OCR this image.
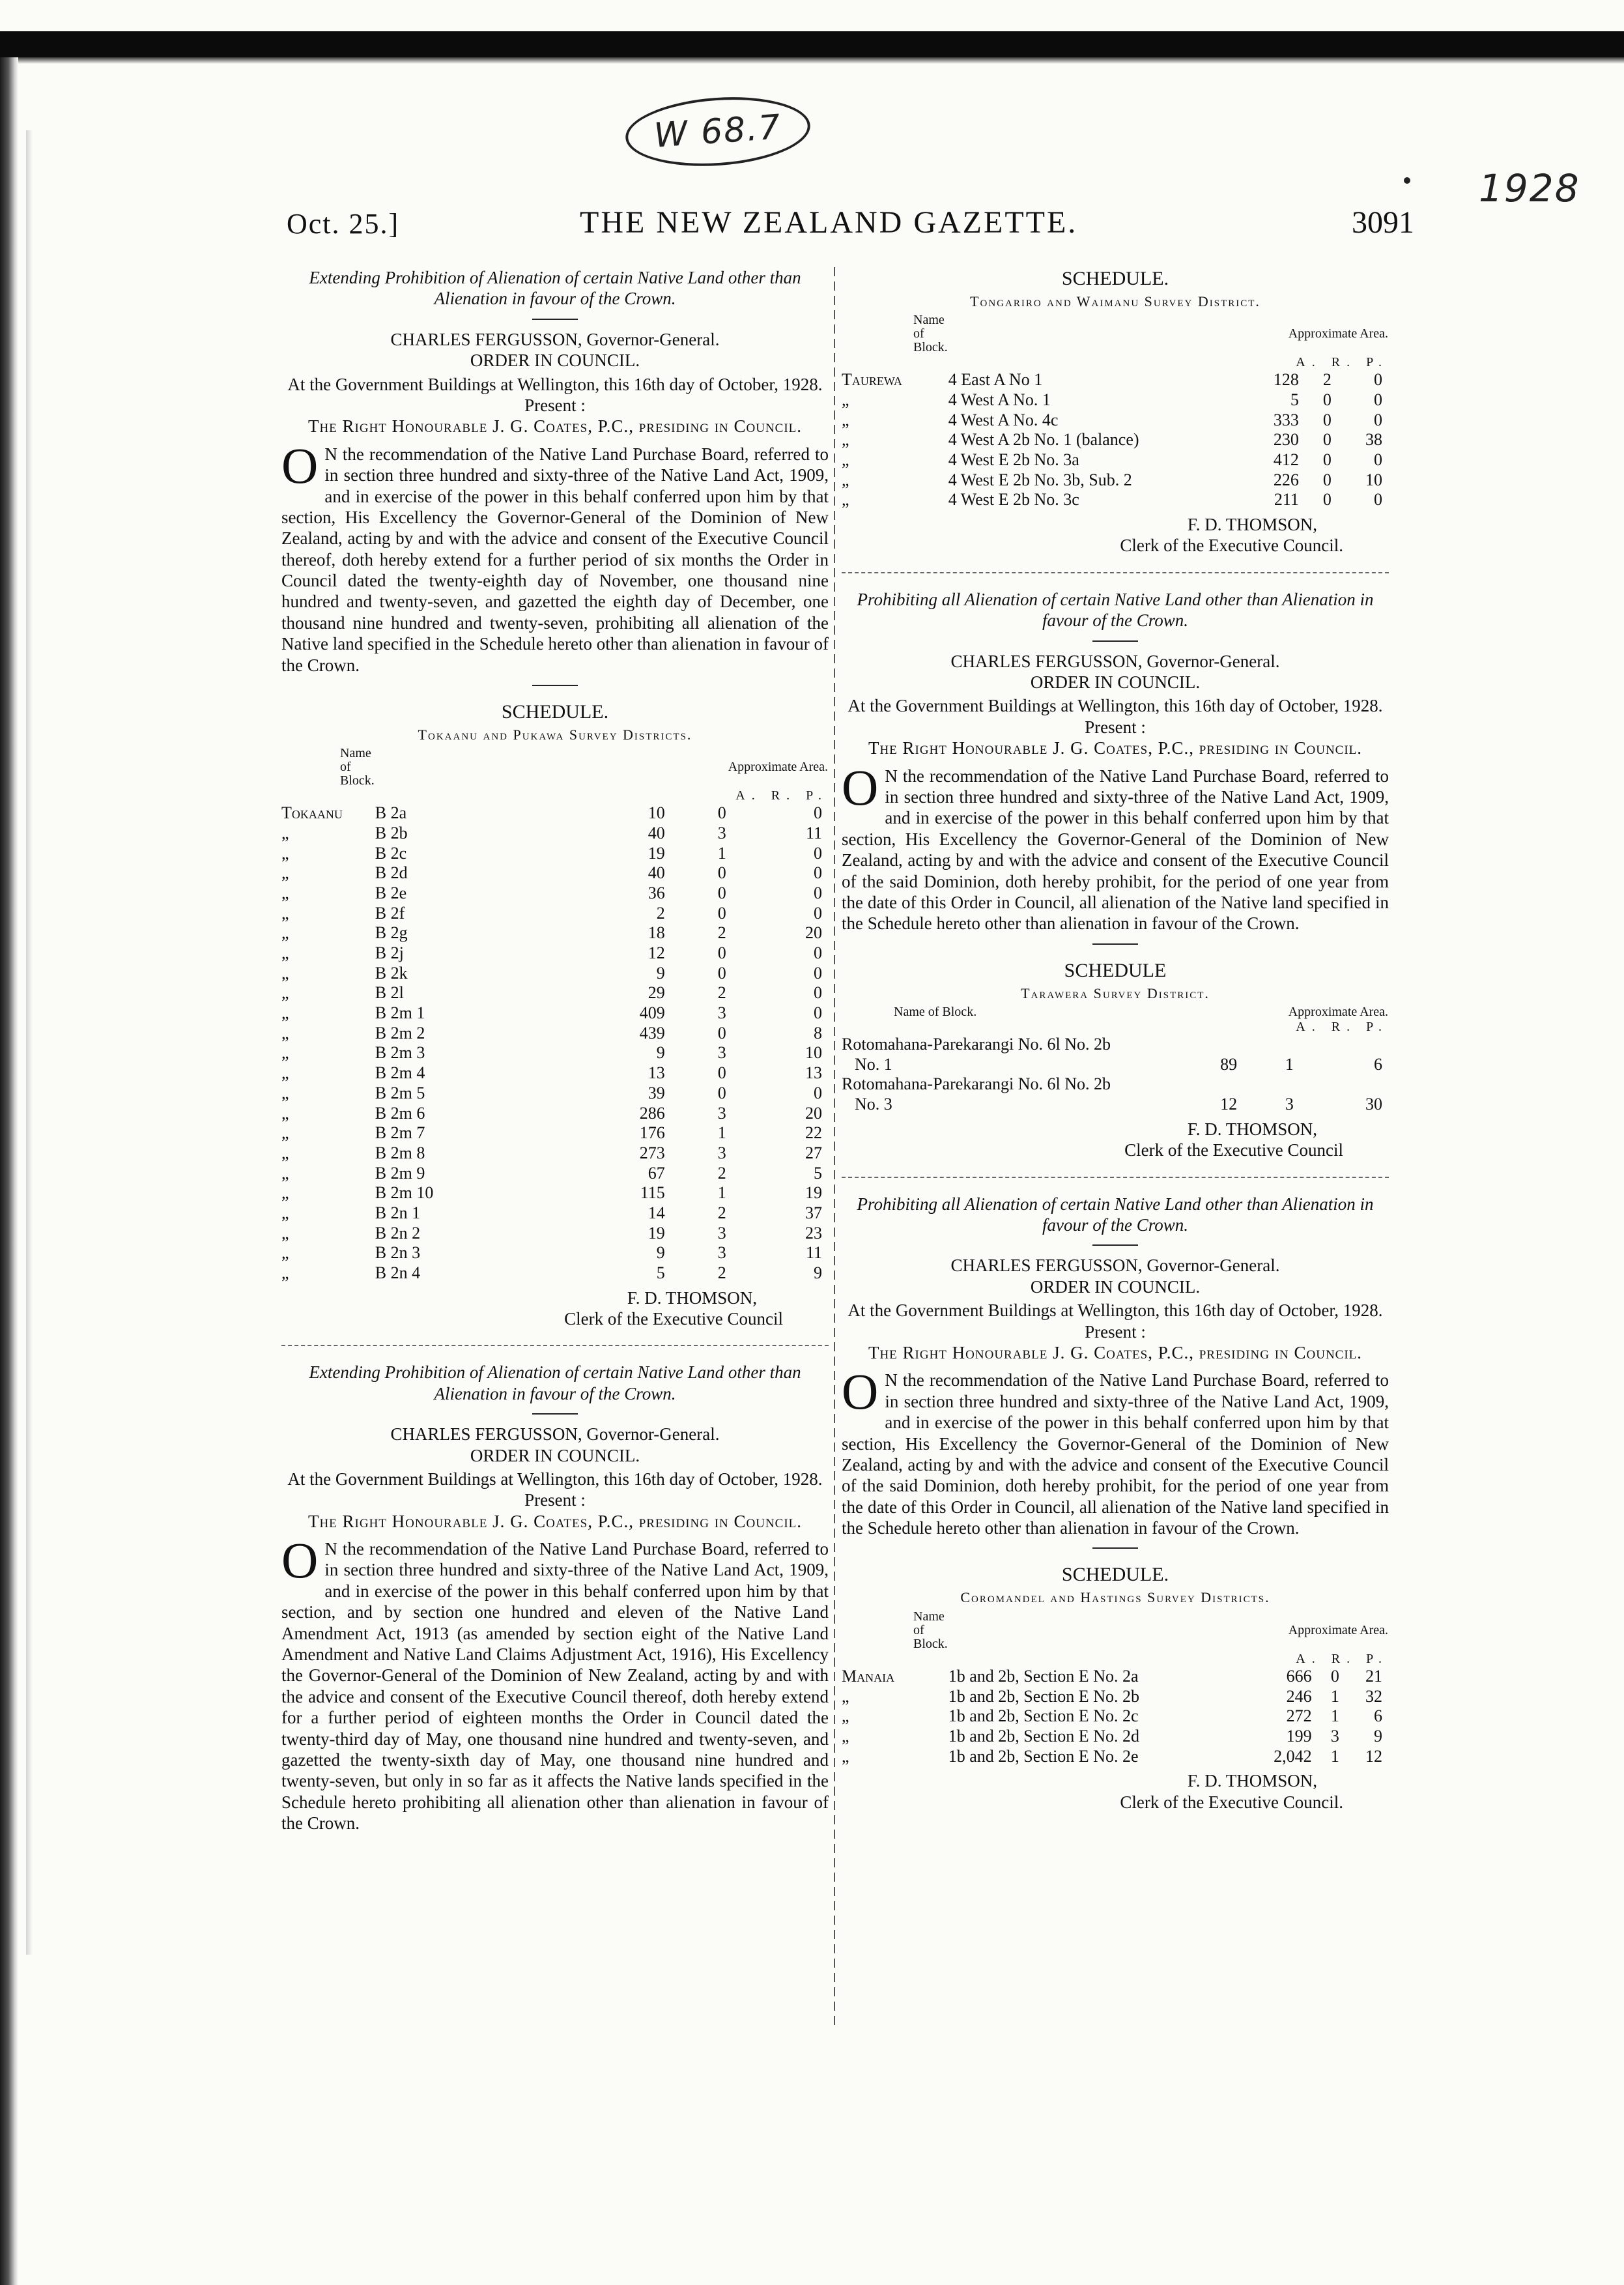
W 68.7
1928
Oct. 25.]	THE NEW ZEALAND GAZETTE.	3091
Extending Prohibition of Alienation of certain Native Land other than Alienation in favour of the Crown.
CHARLES FERGUSSON, Governor-General.
ORDER IN COUNCIL.
At the Government Buildings at Wellington, this 16th day of October, 1928.
Present :
The Right Honourable J. G. Coates, P.C., presiding in Council.

O N the recommendation of the Native Land Purchase Board, referred to in section three hundred and sixty-three of the Native Land Act, 1909, and in exercise of the power in this behalf conferred upon him by that section, His Excellency the Governor-General of the Dominion of New Zealand, acting by and with the advice and consent of the Executive Council thereof, doth hereby extend for a further period of six months the Order in Council dated the twenty-eighth day of November, one thousand nine hundred and twenty-seven, and gazetted the eighth day of December, one thousand nine hundred and twenty-seven, prohibiting all alienation of the Native land specified in the Schedule hereto other than alienation in favour of the Crown.

SCHEDULE.
Tokaanu and Pukawa Survey Districts.
Name of Block.		Approximate Area.		
		A. R. P.		
Tokaanu	B 2a	10	0	0
„	B 2b	40	3	11
„	B 2c	19	1	0
„	B 2d	40	0	0
„	B 2e	36	0	0
„	B 2f	2	0	0
„	B 2g	18	2	20
„	B 2j	12	0	0
„	B 2k	9	0	0
„	B 2l	29	2	0
„	B 2m 1	409	3	0
„	B 2m 2	439	0	8
„	B 2m 3	9	3	10
„	B 2m 4	13	0	13
„	B 2m 5	39	0	0
„	B 2m 6	286	3	20
„	B 2m 7	176	1	22
„	B 2m 8	273	3	27
„	B 2m 9	67	2	5
„	B 2m 10	115	1	19
„	B 2n 1	14	2	37
„	B 2n 2	19	3	23
„	B 2n 3	9	3	11
„	B 2n 4	5	2	9
F. D. THOMSON,
Clerk of the Executive Council
Extending Prohibition of Alienation of certain Native Land other than Alienation in favour of the Crown.
CHARLES FERGUSSON, Governor-General.
ORDER IN COUNCIL.
At the Government Buildings at Wellington, this 16th day of October, 1928.
Present :
The Right Honourable J. G. Coates, P.C., presiding in Council.

O N the recommendation of the Native Land Purchase Board, referred to in section three hundred and sixty-three of the Native Land Act, 1909, and in exercise of the power in this behalf conferred upon him by that section, and by section one hundred and eleven of the Native Land Amendment Act, 1913 (as amended by section eight of the Native Land Amendment and Native Land Claims Adjustment Act, 1916), His Excellency the Governor-General of the Dominion of New Zealand, acting by and with the advice and consent of the Executive Council thereof, doth hereby extend for a further period of eighteen months the Order in Council dated the twenty-third day of May, one thousand nine hundred and twenty-seven, and gazetted the twenty-sixth day of May, one thousand nine hundred and twenty-seven, but only in so far as it affects the Native lands specified in the Schedule hereto prohibiting all alienation other than alienation in favour of the Crown.

SCHEDULE.
Tongariro and Waimanu Survey District.
Name of Block.		Approximate Area.		
		A. R. P.		
Taurewa	4 East A No 1	128	2	0
„	4 West A No. 1	5	0	0
„	4 West A No. 4c	333	0	0
„	4 West A 2b No. 1 (balance)	230	0	38
„	4 West E 2b No. 3a	412	0	0
„	4 West E 2b No. 3b, Sub. 2	226	0	10
„	4 West E 2b No. 3c	211	0	0
F. D. THOMSON,
Clerk of the Executive Council.
Prohibiting all Alienation of certain Native Land other than Alienation in favour of the Crown.
CHARLES FERGUSSON, Governor-General.
ORDER IN COUNCIL.
At the Government Buildings at Wellington, this 16th day of October, 1928.
Present :
The Right Honourable J. G. Coates, P.C., presiding in Council.

O N the recommendation of the Native Land Purchase Board, referred to in section three hundred and sixty-three of the Native Land Act, 1909, and in exercise of the power in this behalf conferred upon him by that section, His Excellency the Governor-General of the Dominion of New Zealand, acting by and with the advice and consent of the Executive Council of the said Dominion, doth hereby prohibit, for the period of one year from the date of this Order in Council, all alienation of the Native land specified in the Schedule hereto other than alienation in favour of the Crown.

SCHEDULE
Tarawera Survey District.
Name of Block.	Approximate Area.		
	A. R. P.		
Rotomahana-Parekarangi No. 6l No. 2b			
No. 1	89	1	6
Rotomahana-Parekarangi No. 6l No. 2b			
No. 3	12	3	30
F. D. THOMSON,
Clerk of the Executive Council
Prohibiting all Alienation of certain Native Land other than Alienation in favour of the Crown.
CHARLES FERGUSSON, Governor-General.
ORDER IN COUNCIL.
At the Government Buildings at Wellington, this 16th day of October, 1928.
Present :
The Right Honourable J. G. Coates, P.C., presiding in Council.

O N the recommendation of the Native Land Purchase Board, referred to in section three hundred and sixty-three of the Native Land Act, 1909, and in exercise of the power in this behalf conferred upon him by that section, His Excellency the Governor-General of the Dominion of New Zealand, acting by and with the advice and consent of the Executive Council of the said Dominion, doth hereby prohibit, for the period of one year from the date of this Order in Council, all alienation of the Native land specified in the Schedule hereto other than alienation in favour of the Crown.

SCHEDULE.
Coromandel and Hastings Survey Districts.
Name of Block.		Approximate Area.		
		A. R. P.		
Manaia	1b and 2b, Section E No. 2a	666	0	21
„	1b and 2b, Section E No. 2b	246	1	32
„	1b and 2b, Section E No. 2c	272	1	6
„	1b and 2b, Section E No. 2d	199	3	9
„	1b and 2b, Section E No. 2e	2,042	1	12
F. D. THOMSON,
Clerk of the Executive Council.
